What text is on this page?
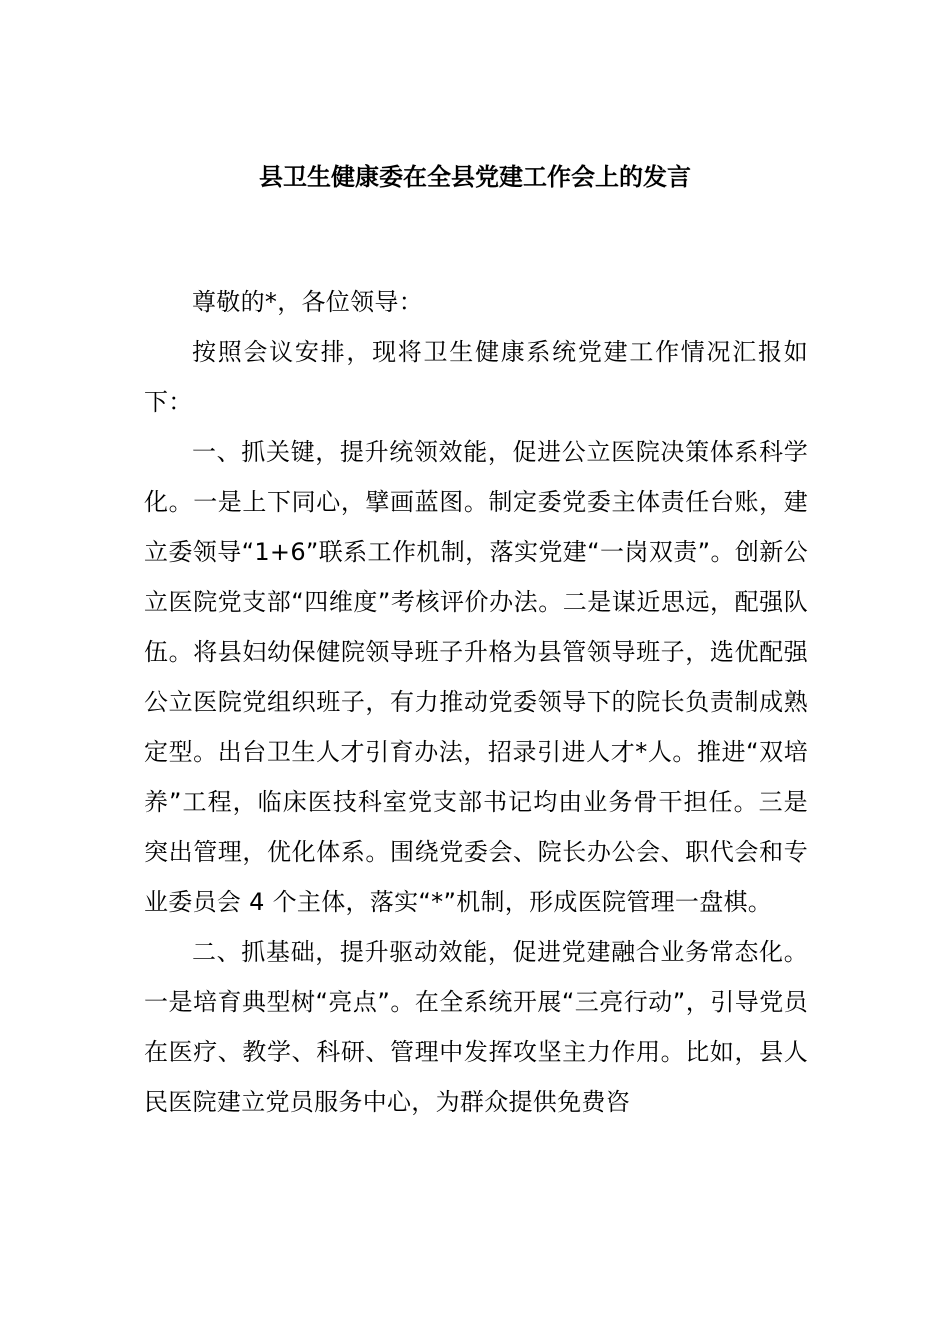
县卫生健康委在全县党建工作会上的发言

尊敬的*，各位领导：

按照会议安排，现将卫生健康系统党建工作情况汇报如下：

一、抓关键，提升统领效能，促进公立医院决策体系科学化。一是上下同心，擘画蓝图。制定委党委主体责任台账，建立委领导“1+6”联系工作机制，落实党建“一岗双责”。创新公立医院党支部“四维度”考核评价办法。二是谋近思远，配强队伍。将县妇幼保健院领导班子升格为县管领导班子，选优配强公立医院党组织班子，有力推动党委领导下的院长负责制成熟定型。出台卫生人才引育办法，招录引进人才*人。推进“双培养”工程，临床医技科室党支部书记均由业务骨干担任。三是突出管理，优化体系。围绕党委会、院长办公会、职代会和专业委员会 4 个主体，落实“*”机制，形成医院管理一盘棋。

二、抓基础，提升驱动效能，促进党建融合业务常态化。一是培育典型树“亮点”。在全系统开展“三亮行动”，引导党员在医疗、教学、科研、管理中发挥攻坚主力作用。比如，县人民医院建立党员服务中心，为群众提供免费咨
